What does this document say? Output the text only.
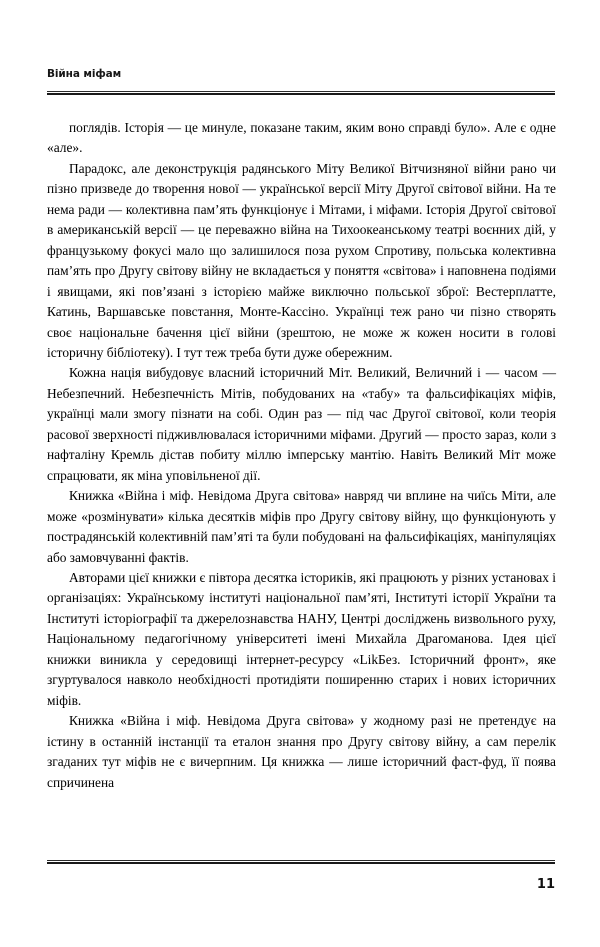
Війна міфам

поглядів. Історія — це минуле, показане таким, яким воно справді було». Але є одне «але».

Парадокс, але деконструкція радянського Міту Великої Вітчизняної війни рано чи пізно призведе до творення нової — української версії Міту Другої світової війни. На те нема ради — колективна пам’ять функціонує і Мітами, і міфами. Історія Другої світової в американській версії — це переважно війна на Тихоокеанському театрі воєнних дій, у французькому фокусі мало що залишилося поза рухом Спротиву, польська колективна пам’ять про Другу світову війну не вкладається у поняття «світова» і наповнена подіями і явищами, які пов’язані з історією майже виключно польської зброї: Вестерплатте, Катинь, Варшавське повстання, Монте-Кассіно. Українці теж рано чи пізно створять своє національне бачення цієї війни (зрештою, не може ж кожен носити в голові історичну бібліотеку). І тут теж треба бути дуже обережним.

Кожна нація вибудовує власний історичний Міт. Великий, Величний і — часом — Небезпечний. Небезпечність Мітів, побудованих на «табу» та фальсифікаціях міфів, українці мали змогу пізнати на собі. Один раз — під час Другої світової, коли теорія расової зверхності підживлювалася історичними міфами. Другий — просто зараз, коли з нафталіну Кремль дістав побиту міллю імперську мантію. Навіть Великий Міт може спрацювати, як міна уповільненої дії.

Книжка «Війна і міф. Невідома Друга світова» навряд чи вплине на чиїсь Міти, але може «розмінувати» кілька десятків міфів про Другу світову війну, що функціонують у пострадянській колективній пам’яті та були побудовані на фальсифікаціях, маніпуляціях або замовчуванні фактів.

Авторами цієї книжки є півтора десятка істориків, які працюють у різних установах і організаціях: Українському інституті національної пам’яті, Інституті історії України та Інституті історіографії та джерелознавства НАНУ, Центрі досліджень визвольного руху, Національному педагогічному університеті імені Михайла Драгоманова. Ідея цієї книжки виникла у середовищі інтернет-ресурсу «LikБез. Історичний фронт», яке згуртувалося навколо необхідності протидіяти поширенню старих і нових історичних міфів.

Книжка «Війна і міф. Невідома Друга світова» у жодному разі не претендує на істину в останній інстанції та еталон знання про Другу світову війну, а сам перелік згаданих тут міфів не є вичерпним. Ця книжка — лише історичний фаст-фуд, її поява спричинена

11
